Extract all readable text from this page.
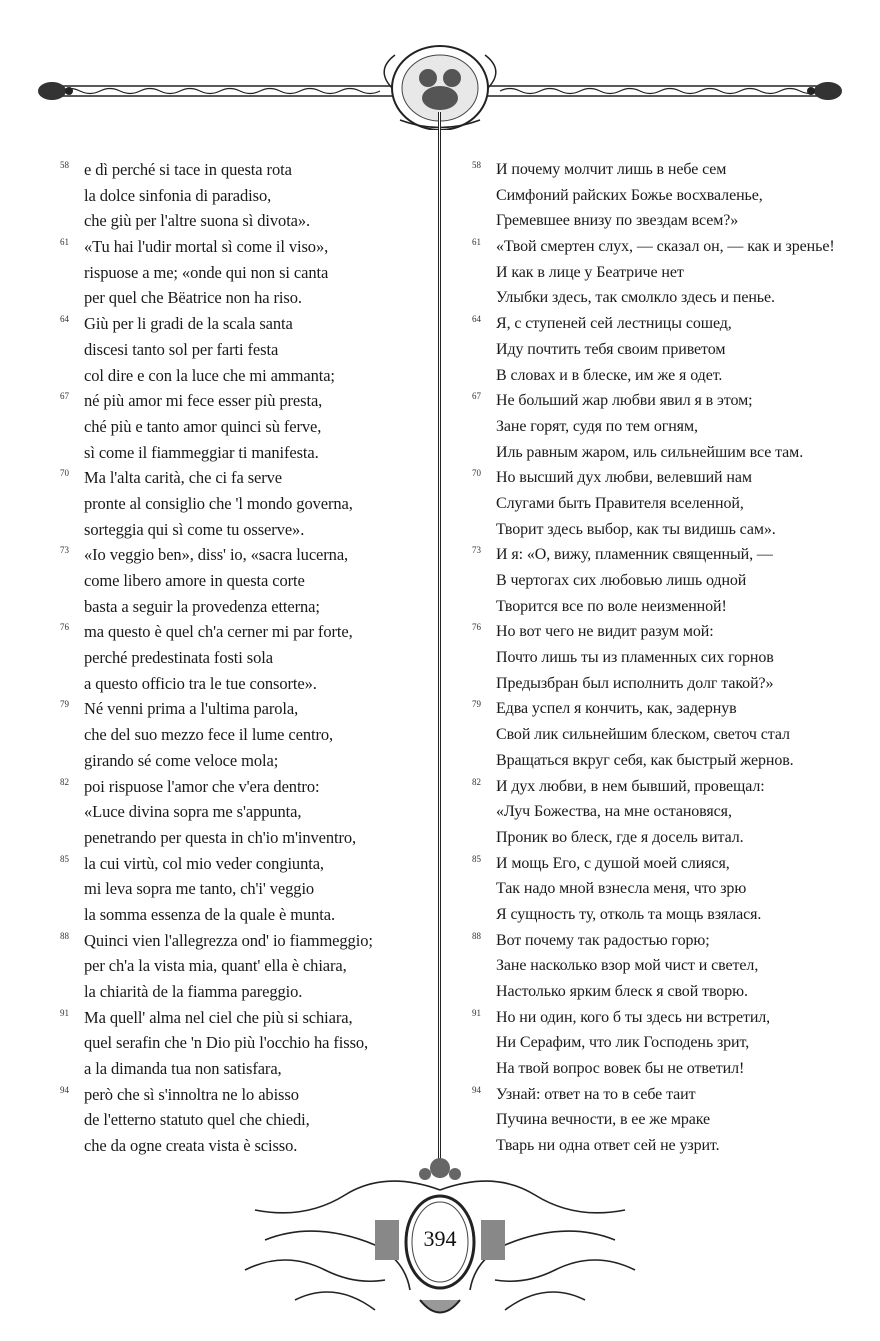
58 e dì perché si tace in questa rota
la dolce sinfonia di paradiso,
che giù per l'altre suona sì divota».
61 «Tu hai l'udir mortal sì come il viso»,
rispuose a me; «onde qui non si canta
per quel che Bëatrice non ha riso.
64 Giù per li gradi de la scala santa
discesi tanto sol per farti festa
col dire e con la luce che mi ammanta;
67 né più amor mi fece esser più presta,
ché più e tanto amor quinci sù ferve,
sì come il fiammeggiar ti manifesta.
70 Ma l'alta carità, che ci fa serve
pronte al consiglio che 'l mondo governa,
sorteggia qui sì come tu osserve».
73 «Io veggio ben», diss' io, «sacra lucerna,
come libero amore in questa corte
basta a seguir la provedenza etterna;
76 ma questo è quel ch'a cerner mi par forte,
perché predestinata fosti sola
a questo officio tra le tue consorte».
79 Né venni prima a l'ultima parola,
che del suo mezzo fece il lume centro,
girando sé come veloce mola;
82 poi rispuose l'amor che v'era dentro:
«Luce divina sopra me s'appunta,
penetrando per questa in ch'io m'inventro,
85 la cui virtù, col mio veder congiunta,
mi leva sopra me tanto, ch'i' veggio
la somma essenza de la quale è munta.
88 Quinci vien l'allegrezza ond' io fiammeggio;
per ch'a la vista mia, quant' ella è chiara,
la chiarità de la fiamma pareggio.
91 Ma quell' alma nel ciel che più si schiara,
quel serafin che 'n Dio più l'occhio ha fisso,
a la dimanda tua non satisfara,
94 però che sì s'innoltra ne lo abisso
de l'etterno statuto quel che chiedi,
che da ogne creata vista è scisso.
58 И почему молчит лишь в небе сем
Симфоний райских Божье восхваленье,
Гремевшее внизу по звездам всем?»
61 «Твой смертен слух, — сказал он, — как и зренье!
И как в лице у Беатриче нет
Улыбки здесь, так смолкло здесь и пенье.
64 Я, с ступеней сей лестницы сошед,
Иду почтить тебя своим приветом
В словах и в блеске, им же я одет.
67 Не больший жар любви явил я в этом;
Зане горят, судя по тем огням,
Иль равным жаром, иль сильнейшим все там.
70 Но высший дух любви, велевший нам
Слугами быть Правителя вселенной,
Творит здесь выбор, как ты видишь сам».
73 И я: «О, вижу, пламенник священный, —
В чертогах сих любовью лишь одной
Творится все по воле неизменной!
76 Но вот чего не видит разум мой:
Почто лишь ты из пламенных сих горнов
Предызбран был исполнить долг такой?»
79 Едва успел я кончить, как, задернув
Свой лик сильнейшим блеском, светоч стал
Вращаться вкруг себя, как быстрый жернов.
82 И дух любви, в нем бывший, провещал:
«Луч Божества, на мне остановяся,
Проник во блеск, где я досель витал.
85 И мощь Его, с душой моей слияся,
Так надо мной взнесла меня, что зрю
Я сущность ту, отколь та мощь взялася.
88 Вот почему так радостью горю;
Зане насколько взор мой чист и светел,
Настолько ярким блеск я свой творю.
91 Но ни один, кого б ты здесь ни встретил,
Ни Серафим, что лик Господень зрит,
На твой вопрос вовек бы не ответил!
94 Узнай: ответ на то в себе таит
Пучина вечности, в ее же мраке
Тварь ни одна ответ сей не узрит.
394
